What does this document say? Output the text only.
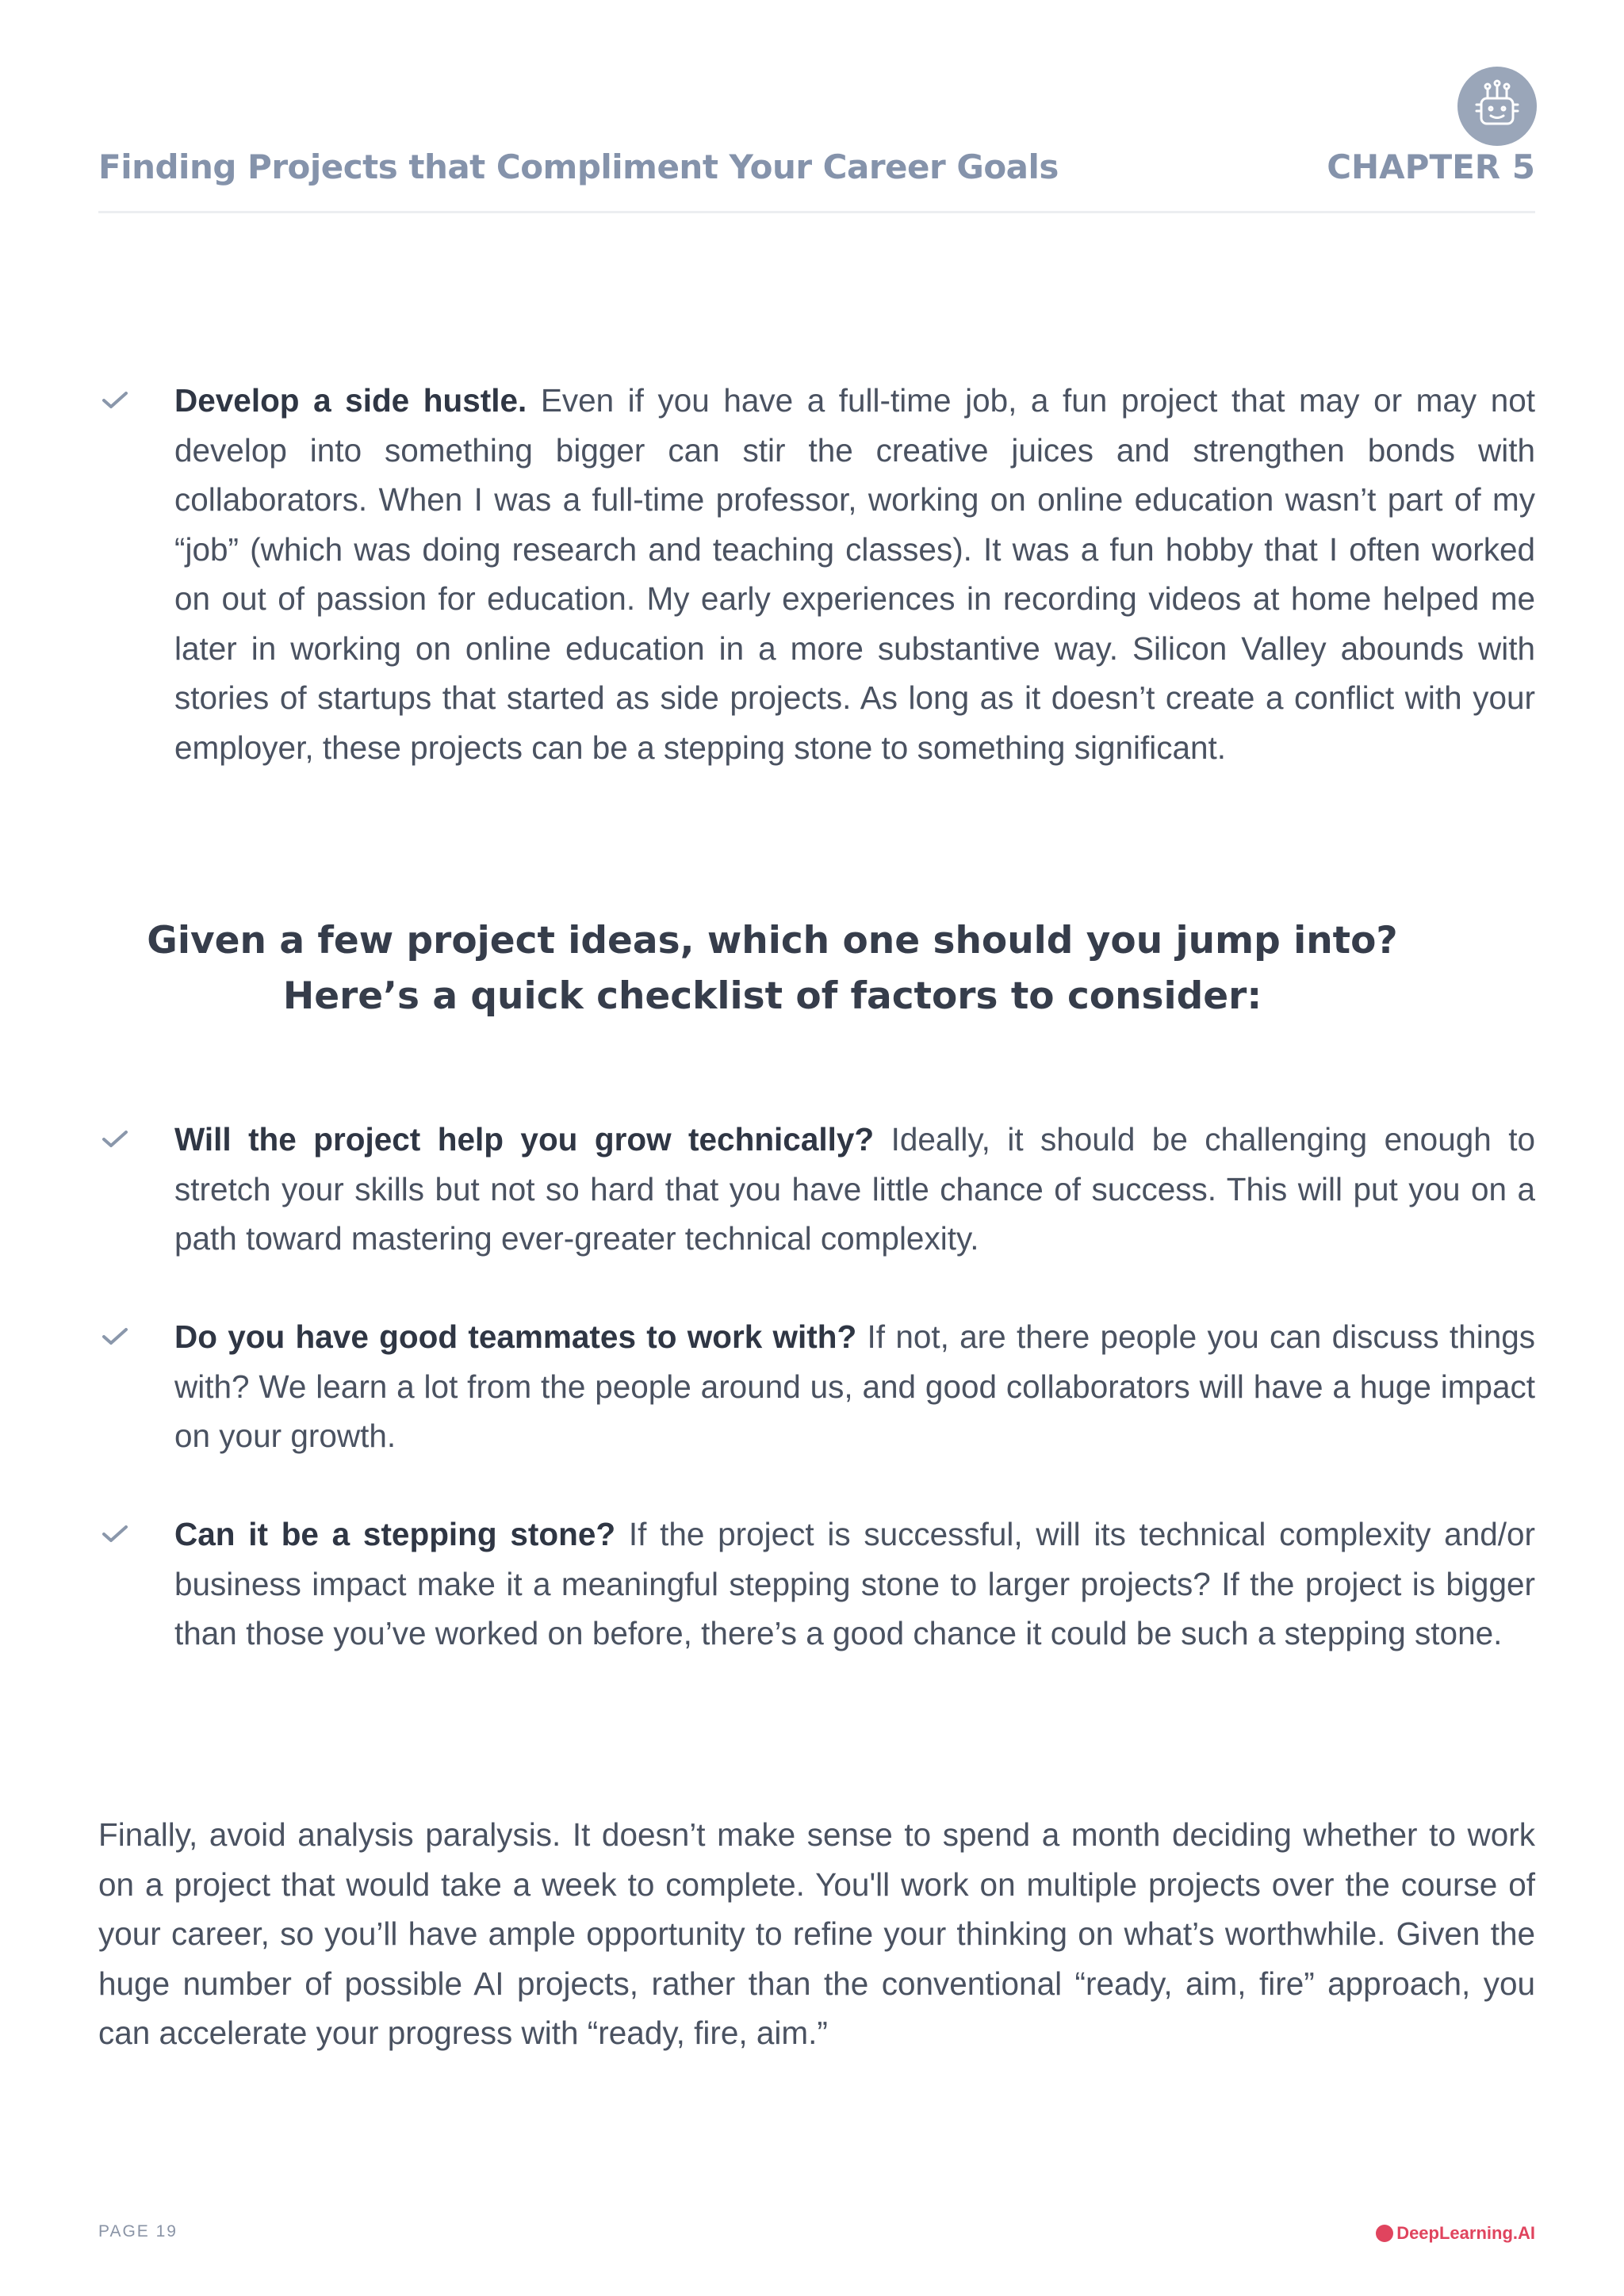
Finding Projects that Compliment Your Career Goals	CHAPTER 5

Develop a side hustle. Even if you have a full-time job, a fun project that may or may not develop into something bigger can stir the creative juices and strengthen bonds with collaborators. When I was a full-time professor, working on online education wasn’t part of my “job” (which was doing research and teaching classes). It was a fun hobby that I often worked on out of passion for education. My early experiences in recording videos at home helped me later in working on online education in a more substantive way. Silicon Valley abounds with stories of startups that started as side projects. As long as it doesn’t create a conflict with your employer, these projects can be a stepping stone to something significant.

Given a few project ideas, which one should you jump into?
Here’s a quick checklist of factors to consider:

Will the project help you grow technically? Ideally, it should be challenging enough to stretch your skills but not so hard that you have little chance of success. This will put you on a path toward mastering ever-greater technical complexity.

Do you have good teammates to work with? If not, are there people you can discuss things with? We learn a lot from the people around us, and good collaborators will have a huge impact on your growth.

Can it be a stepping stone? If the project is successful, will its technical complexity and/or business impact make it a meaningful stepping stone to larger projects? If the project is bigger than those you’ve worked on before, there’s a good chance it could be such a stepping stone.

Finally, avoid analysis paralysis. It doesn’t make sense to spend a month deciding whether to work on a project that would take a week to complete. You'll work on multiple projects over the course of your career, so you’ll have ample opportunity to refine your thinking on what’s worthwhile. Given the huge number of possible AI projects, rather than the conventional “ready, aim, fire” approach, you can accelerate your progress with “ready, fire, aim.”

PAGE 19	DeepLearning.AI
